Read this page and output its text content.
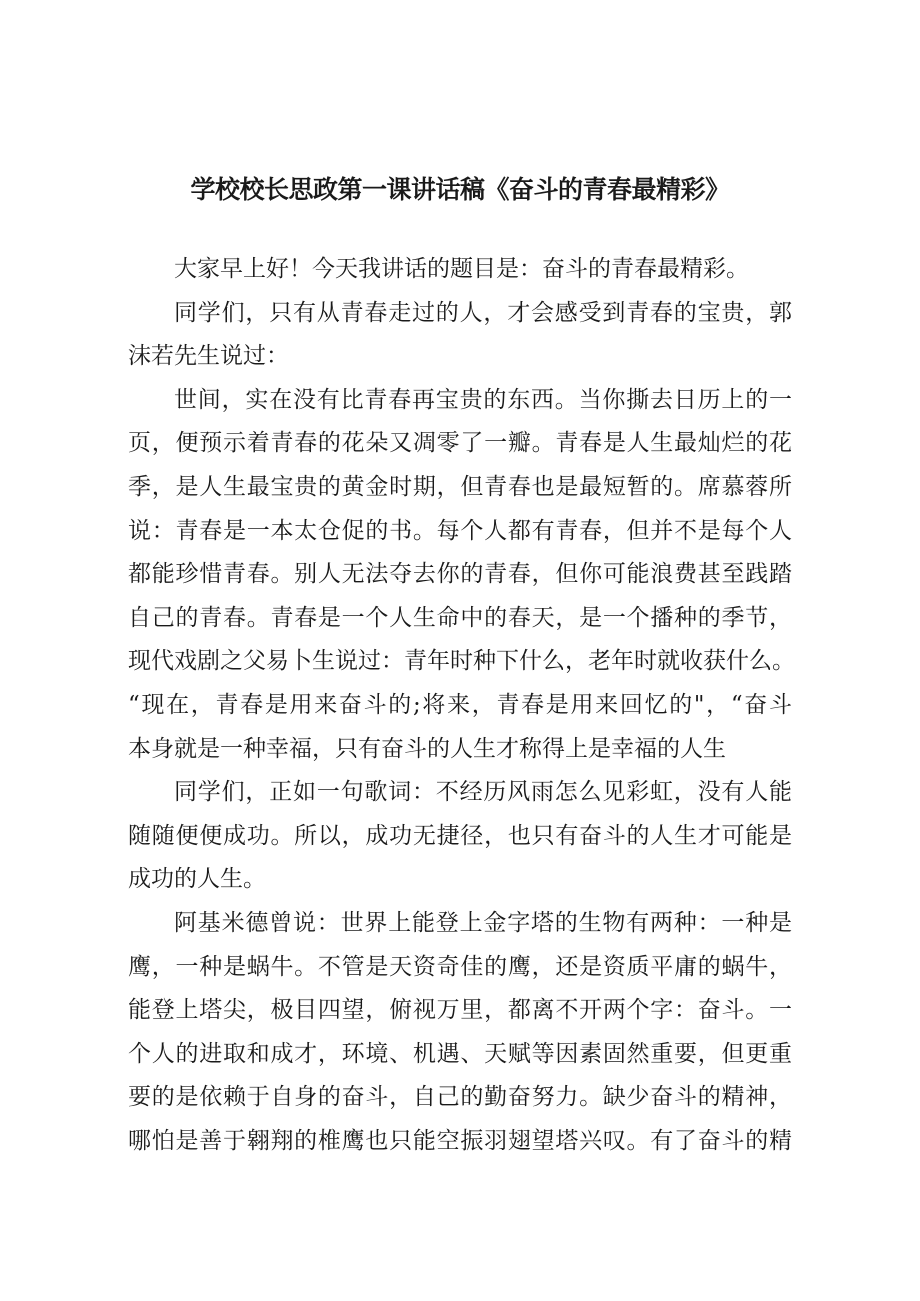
学校校长思政第一课讲话稿《奋斗的青春最精彩》
大家早上好！今天我讲话的题目是：奋斗的青春最精彩。
同学们，只有从青春走过的人，才会感受到青春的宝贵，郭
沫若先生说过：
世间，实在没有比青春再宝贵的东西。当你撕去日历上的一
页，便预示着青春的花朵又凋零了一瓣。青春是人生最灿烂的花
季，是人生最宝贵的黄金时期，但青春也是最短暂的。席慕蓉所
说：青春是一本太仓促的书。每个人都有青春，但并不是每个人
都能珍惜青春。别人无法夺去你的青春，但你可能浪费甚至践踏
自己的青春。青春是一个人生命中的春天，是一个播种的季节，
现代戏剧之父易卜生说过：青年时种下什么，老年时就收获什么。
“现在，青春是用来奋斗的;将来，青春是用来回忆的"，“奋斗
本身就是一种幸福，只有奋斗的人生才称得上是幸福的人生
同学们，正如一句歌词：不经历风雨怎么见彩虹，没有人能
随随便便成功。所以，成功无捷径，也只有奋斗的人生才可能是
成功的人生。
阿基米德曾说：世界上能登上金字塔的生物有两种：一种是
鹰，一种是蜗牛。不管是天资奇佳的鹰，还是资质平庸的蜗牛，
能登上塔尖，极目四望，俯视万里，都离不开两个字：奋斗。一
个人的进取和成才，环境、机遇、天赋等因素固然重要，但更重
要的是依赖于自身的奋斗，自己的勤奋努力。缺少奋斗的精神，
哪怕是善于翱翔的椎鹰也只能空振羽翅望塔兴叹。有了奋斗的精
